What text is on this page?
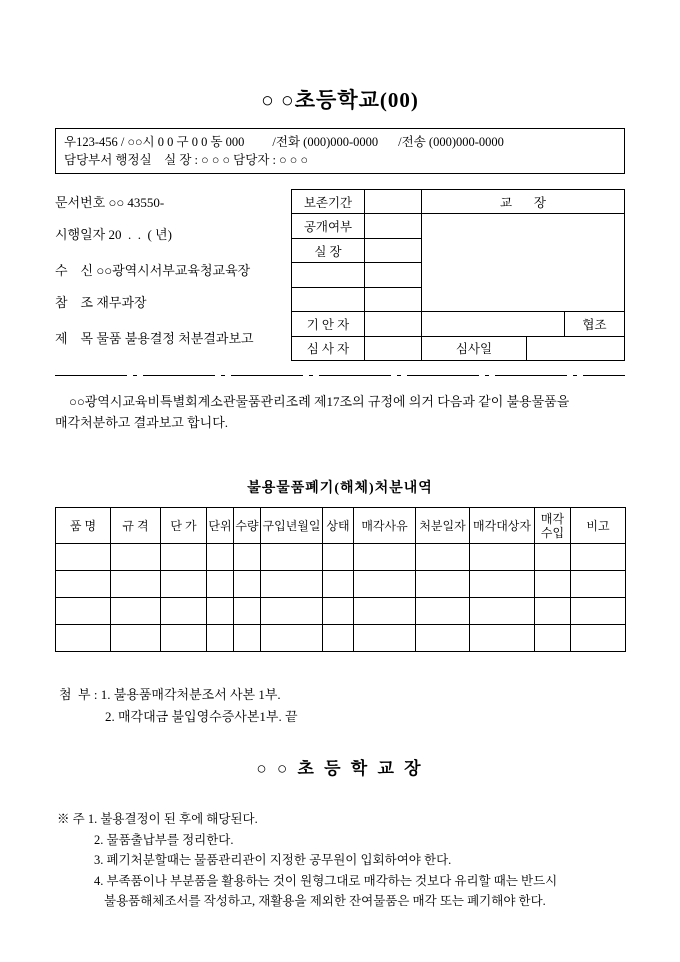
○ ○초등학교(00)
우123-456 / ○○시 0 0 구 0 0 동 000 /전화 (000)000-0000 /전송 (000)000-0000
담당부서 행정실    실 장 : ○ ○ ○ 담당자 : ○ ○ ○
문서번호 ○○ 43550-
시행일자 20  .  .  ( 년)
수    신 ○○광역시서부교육청교육장
참    조 재무과장
제    목 물품 불용결정 처분결과보고
보존기간		교       장		
공개여부				
실 장				

기 안 자				협조
심 사 자		심사일		
○○광역시교육비특별회계소관물품관리조례 제17조의 규정에 의거 다음과 같이 불용물품을 매각처분하고 결과보고 합니다.
불용물품폐기(해체)처분내역
품 명	규 격	단 가	단위	수량	구입년월일	상태	매각사유	처분일자	매각대상자	매각수입	비고

첨  부 : 1. 불용품매각처분조서 사본 1부.
2. 매각대금 불입영수증사본1부. 끝
○ ○ 초 등 학 교 장
※ 주 1. 불용결정이 된 후에 해당된다.
2. 물품출납부를 정리한다.
3. 폐기처분할때는 물품관리관이 지정한 공무원이 입회하여야 한다.
4. 부족품이나 부분품을 활용하는 것이 원형그대로 매각하는 것보다 유리할 때는 반드시
불용품해체조서를 작성하고, 재활용을 제외한 잔여물품은 매각 또는 폐기해야 한다.
